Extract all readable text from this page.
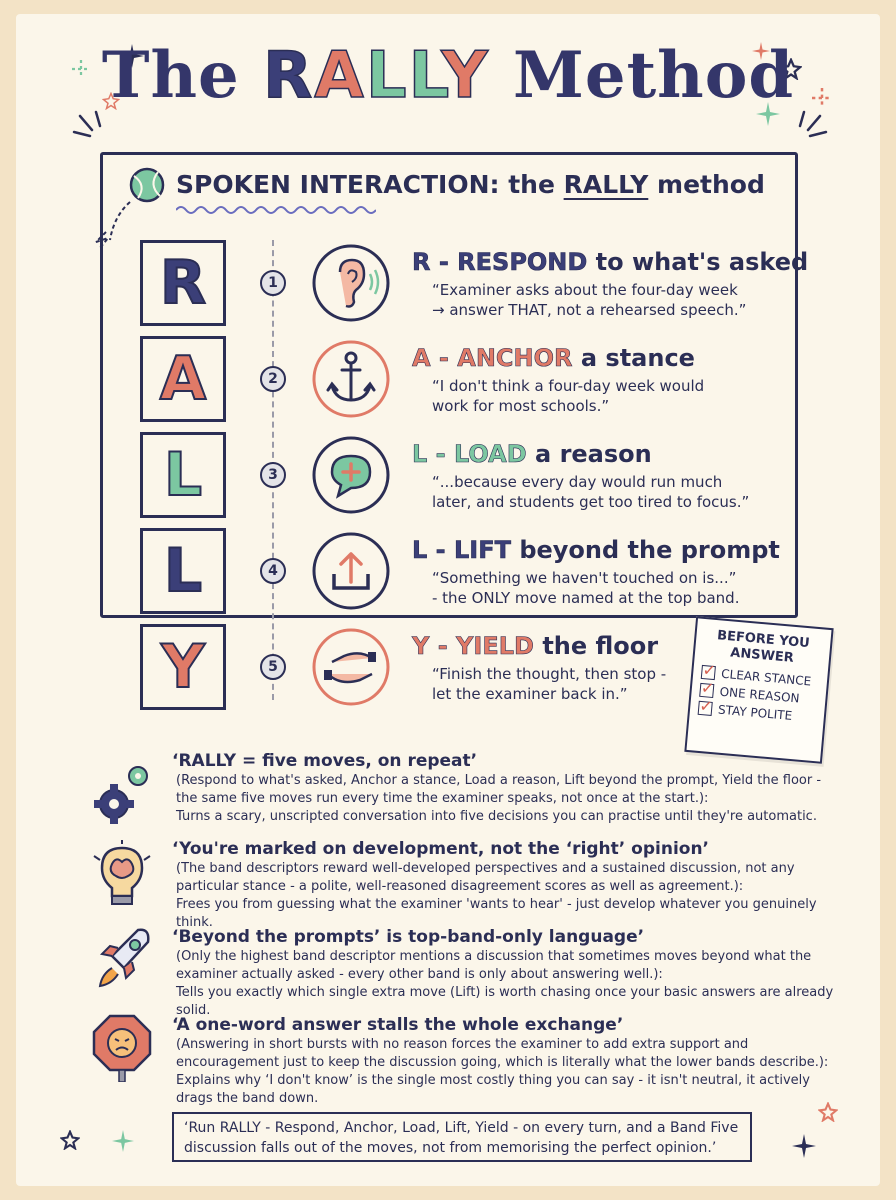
The RALLY Method
SPOKEN INTERACTION: the RALLY method
R
A
L
L
Y
1
2
3
4
5
R - RESPOND to what's asked
“Examiner asks about the four-day week
→ answer THAT, not a rehearsed speech.”
A - ANCHOR a stance
“I don't think a four-day week would
work for most schools.”
L - LOAD a reason
“...because every day would run much
later, and students get too tired to focus.”
L - LIFT beyond the prompt
“Something we haven't touched on is...”
- the ONLY move named at the top band.
Y - YIELD the floor
“Finish the thought, then stop -
let the examiner back in.”
BEFORE YOU ANSWER
✓
CLEAR STANCE
✓
ONE REASON
✓
STAY POLITE
‘RALLY = five moves, on repeat’
(Respond to what's asked, Anchor a stance, Load a reason, Lift beyond the prompt, Yield the floor - the same five moves run every time the examiner speaks, not once at the start.):
Turns a scary, unscripted conversation into five decisions you can practise until they're automatic.
‘You're marked on development, not the ‘right’ opinion’
(The band descriptors reward well-developed perspectives and a sustained discussion, not any particular stance - a polite, well-reasoned disagreement scores as well as agreement.):
Frees you from guessing what the examiner 'wants to hear' - just develop whatever you genuinely think.
‘Beyond the prompts’ is top-band-only language’
(Only the highest band descriptor mentions a discussion that sometimes moves beyond what the examiner actually asked - every other band is only about answering well.):
Tells you exactly which single extra move (Lift) is worth chasing once your basic answers are already solid.
‘A one-word answer stalls the whole exchange’
(Answering in short bursts with no reason forces the examiner to add extra support and encouragement just to keep the discussion going, which is literally what the lower bands describe.):
Explains why ‘I don't know’ is the single most costly thing you can say - it isn't neutral, it actively drags the band down.
‘Run RALLY - Respond, Anchor, Load, Lift, Yield - on every turn, and a Band Five discussion falls out of the moves, not from memorising the perfect opinion.’
